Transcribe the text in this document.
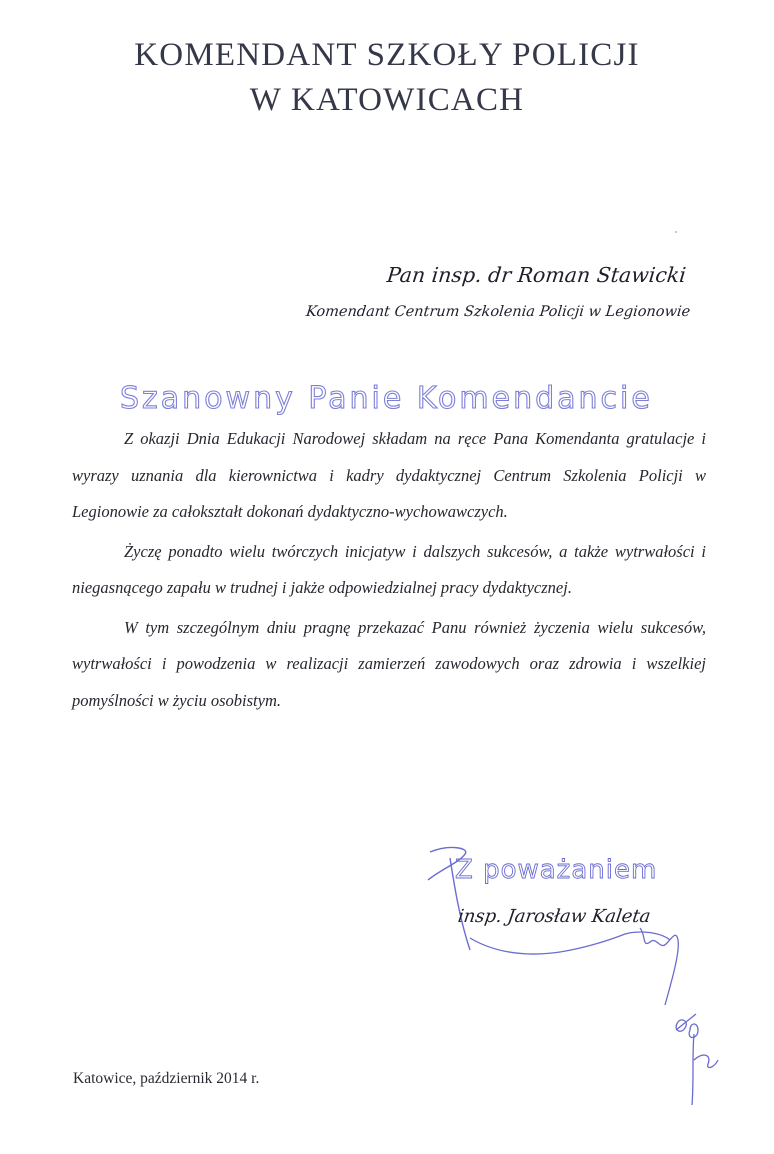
KOMENDANT SZKOŁY POLICJI
W KATOWICACH
Pan insp. dr Roman Stawicki
Komendant Centrum Szkolenia Policji w Legionowie
Szanowny Panie Komendancie

Z okazji Dnia Edukacji Narodowej składam na ręce Pana Komendanta gratulacje i wyrazy uznania dla kierownictwa i kadry dydaktycznej Centrum Szkolenia Policji w Legionowie za całokształt dokonań dydaktyczno-wychowawczych.

Życzę ponadto wielu twórczych inicjatyw i dalszych sukcesów, a także wytrwałości i niegasnącego zapału w trudnej i jakże odpowiedzialnej pracy dydaktycznej.

W tym szczególnym dniu pragnę przekazać Panu również życzenia wielu sukcesów, wytrwałości i powodzenia w realizacji zamierzeń zawodowych oraz zdrowia i wszelkiej pomyślności w życiu osobistym.

Z poważaniem
insp. Jarosław Kaleta
Katowice, październik 2014 r.
